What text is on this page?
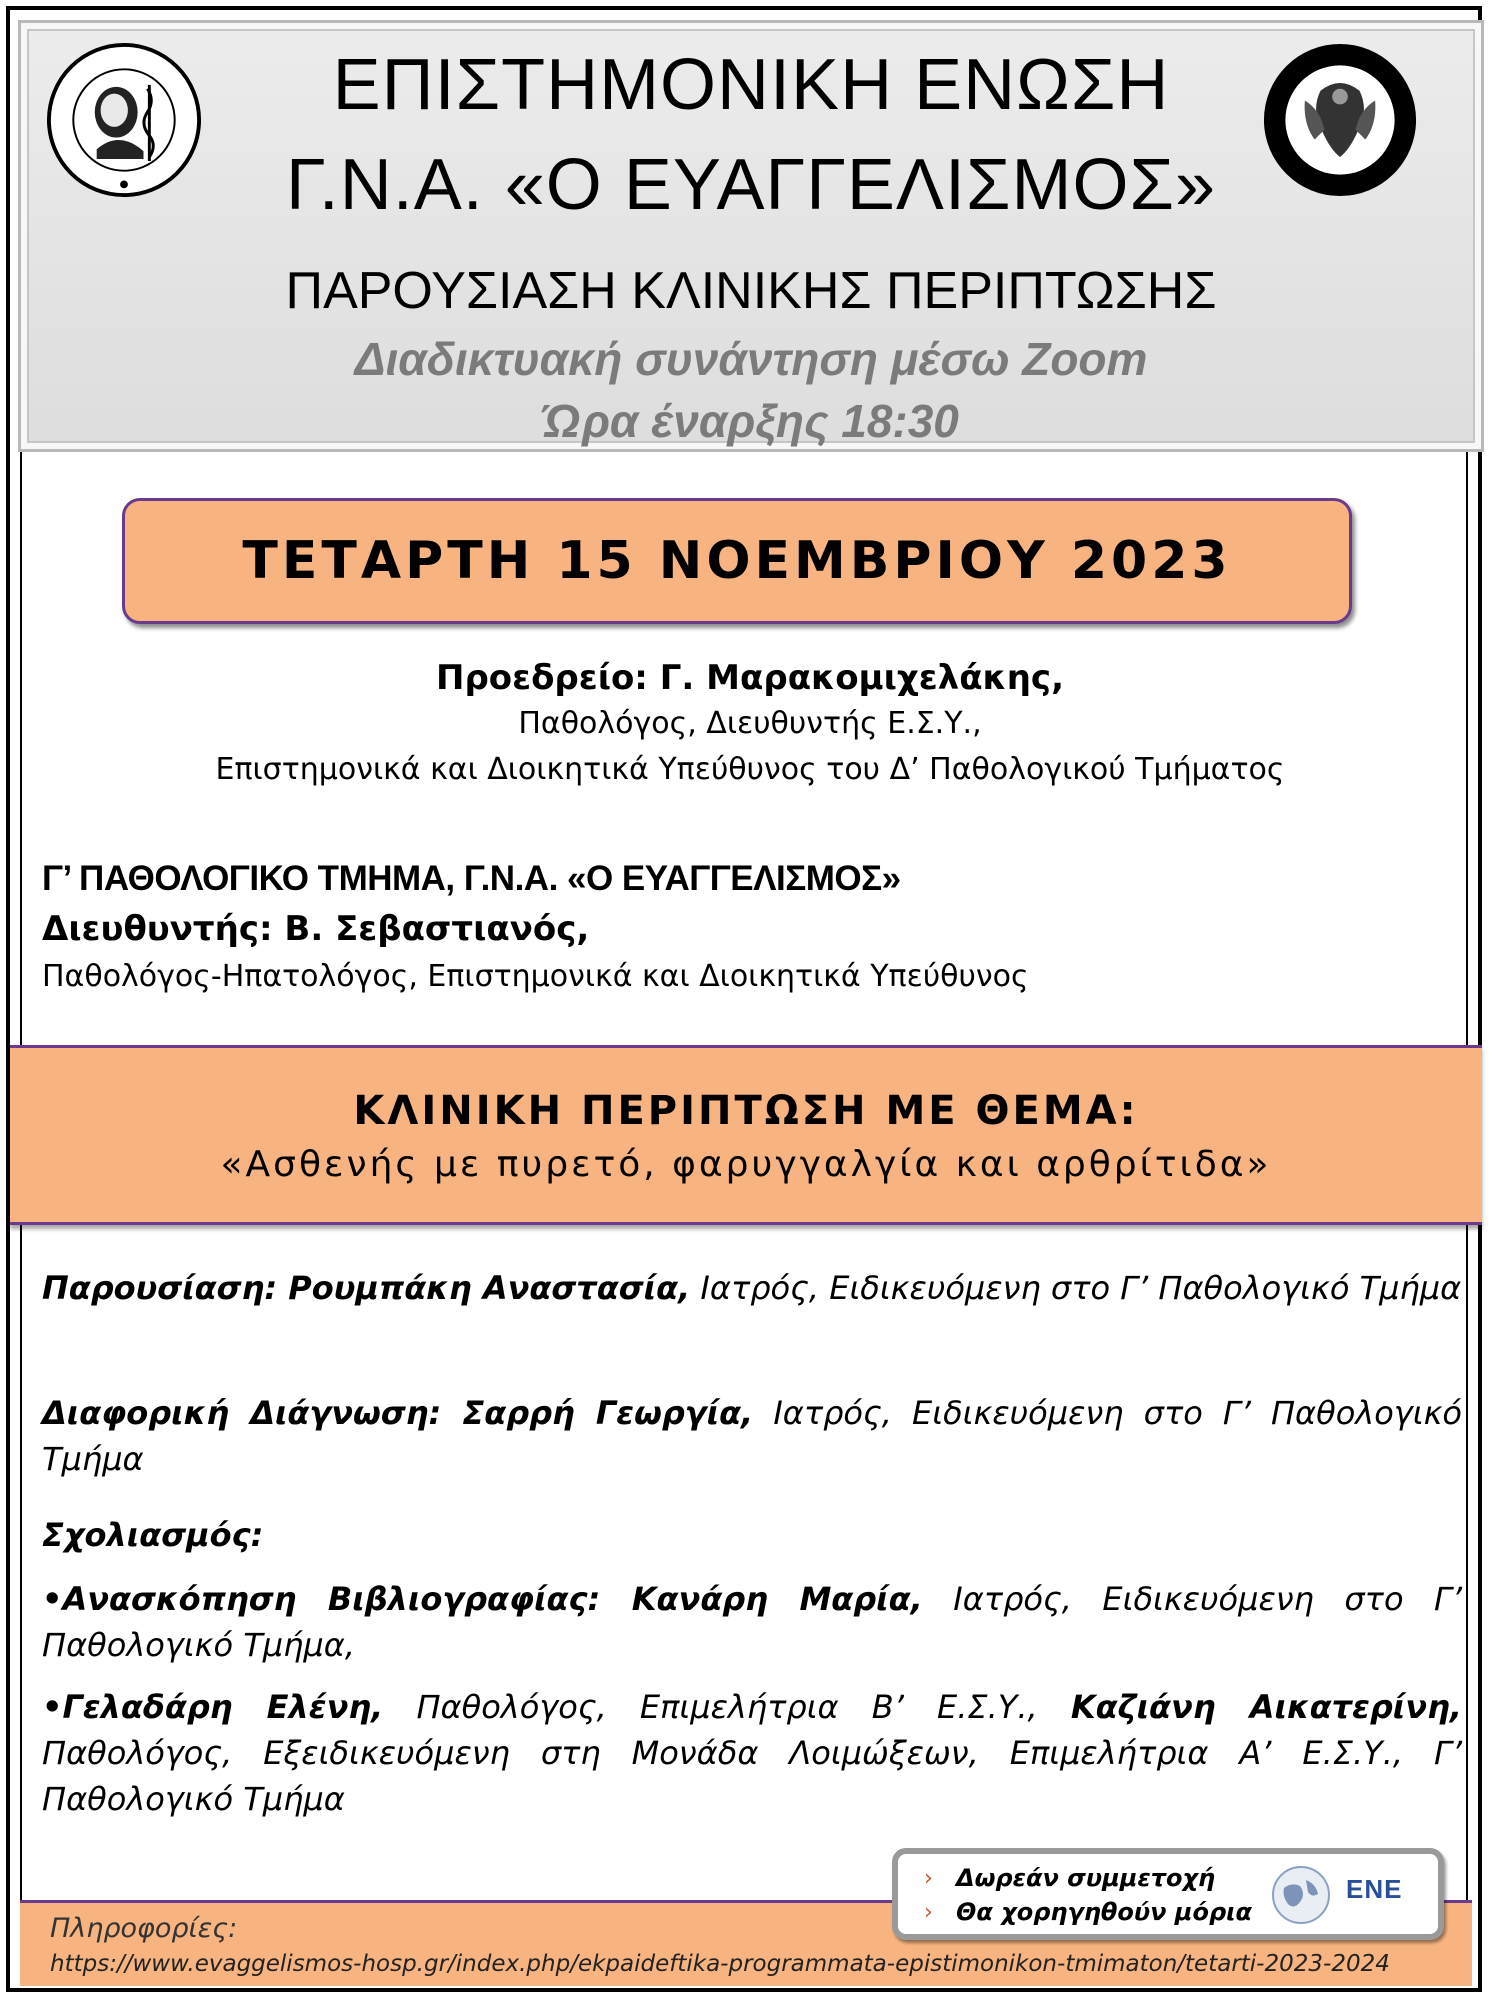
ΕΠΙΣΤΗΜΟΝΙΚΗ ΕΝΩΣΗ
Γ.Ν.Α. «Ο ΕΥΑΓΓΕΛΙΣΜΟΣ»
ΠΑΡΟΥΣΙΑΣΗ ΚΛΙΝΙΚΗΣ ΠΕΡΙΠΤΩΣΗΣ
Διαδικτυακή συνάντηση μέσω Zoom
Ώρα έναρξης 18:30
ΤΕΤΑΡΤΗ 15 ΝΟΕΜΒΡΙΟΥ 2023
Προεδρείο: Γ. Μαρακομιχελάκης,
Παθολόγος, Διευθυντής Ε.Σ.Υ.,
Επιστημονικά και Διοικητικά Υπεύθυνος του Δ’ Παθολογικού Τμήματος
Γ’ ΠΑΘΟΛΟΓΙΚΟ ΤΜΗΜΑ, Γ.Ν.Α. «Ο ΕΥΑΓΓΕΛΙΣΜΟΣ»
Διευθυντής: Β. Σεβαστιανός,
Παθολόγος-Ηπατολόγος, Επιστημονικά και Διοικητικά Υπεύθυνος
ΚΛΙΝΙΚΗ ΠΕΡΙΠΤΩΣΗ ΜΕ ΘΕΜΑ:
«Ασθενής με πυρετό, φαρυγγαλγία και αρθρίτιδα»
Παρουσίαση: Ρουμπάκη Αναστασία, Ιατρός, Ειδικευόμενη στο Γ’ Παθολογικό Τμήμα
Διαφορική Διάγνωση: Σαρρή Γεωργία, Ιατρός, Ειδικευόμενη στο Γ’ Παθολογικό Τμήμα
Σχολιασμός:
•Ανασκόπηση Βιβλιογραφίας: Κανάρη Μαρία, Ιατρός, Ειδικευόμενη στο Γ’ Παθολογικό Τμήμα,
•Γελαδάρη Ελένη, Παθολόγος, Επιμελήτρια Β’ Ε.Σ.Υ., Καζιάνη Αικατερίνη, Παθολόγος, Εξειδικευόμενη στη Μονάδα Λοιμώξεων, Επιμελήτρια Α’ Ε.Σ.Υ., Γ’ Παθολογικό Τμήμα
Πληροφορίες:
https://www.evaggelismos-hosp.gr/index.php/ekpaideftika-programmata-epistimonikon-tmimaton/tetarti-2023-2024
› Δωρεάν συμμετοχή
› Θα χορηγηθούν μόρια
ΕΝΕ
